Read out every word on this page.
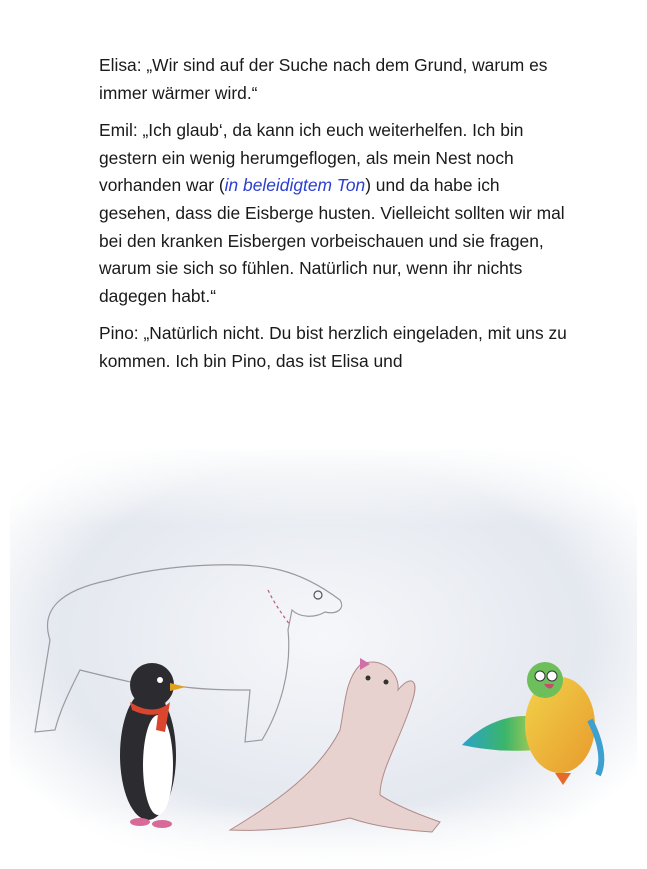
Elisa: „Wir sind auf der Suche nach dem Grund, warum es immer wärmer wird.“

Emil: „Ich glaub‘, da kann ich euch weiterhelfen. Ich bin gestern ein wenig herumgeflogen, als mein Nest noch vorhanden war (in beleidigtem Ton) und da habe ich gesehen, dass die Eisberge husten. Vielleicht sollten wir mal bei den kranken Eisbergen vorbeischauen und sie fragen, warum sie sich so fühlen. Natürlich nur, wenn ihr nichts dagegen habt.“

Pino: „Natürlich nicht. Du bist herzlich eingeladen, mit uns zu kommen. Ich bin Pino, das ist Elisa und
